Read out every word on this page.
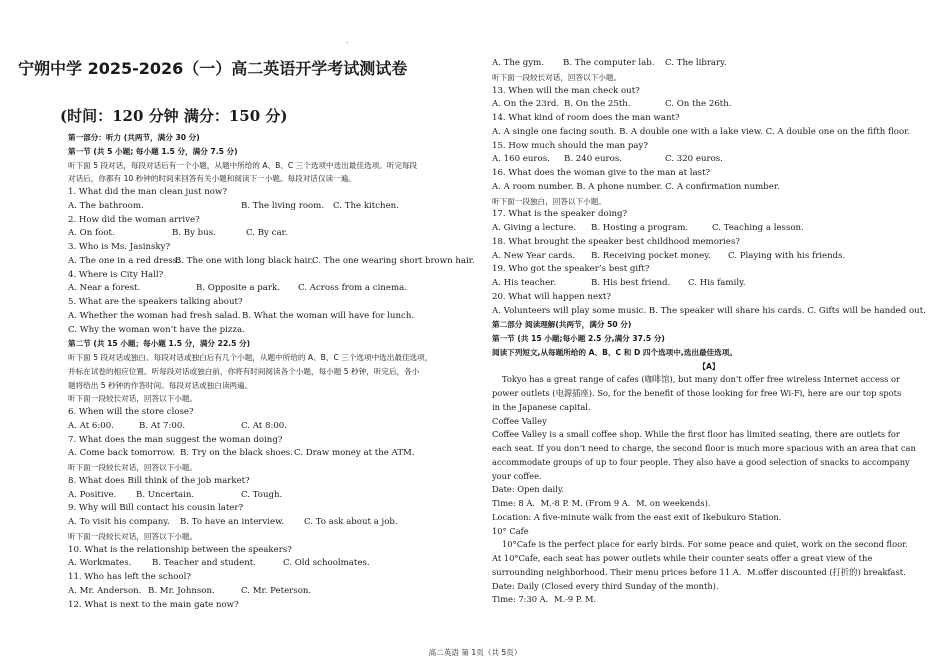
.
宁朔中学 2025-2026（一）高二英语开学考试测试卷
(时间：120 分钟 满分：150 分)
第一部分：听力 (共两节，满分 30 分)
第一节 (共 5 小题; 每小题 1.5 分，满分 7.5 分)
听下面 5 段对话，每段对话后有一个小题，从题中所给的 A、B、C 三个选项中选出最佳选项。听完每段
对话后，你都有 10 秒钟的时间来回答有关小题和阅读下一小题。每段对话仅读一遍。
1. What did the man clean just now?
A. The bathroom.	B. The living room. C. The kitchen.
2. How did the woman arrive?
A. On foot.	B. By bus.	C. By car.
3. Who is Ms. Jasinsky?
A. The one in a red dress.
B. The one with long black hair.
C. The one wearing short brown hair.
4. Where is City Hall?
A. Near a forest.	B. Opposite a park. C. Across from a cinema.
5. What are the speakers talking about?
A. Whether the woman had fresh salad. B. What the woman will have for lunch.
C. Why the woman won’t have the pizza.
第二节 (共 15 小题；每小题 1.5 分，满分 22.5 分)
听下面 5 段对话或独白。每段对话或独白后有几个小题，从题中所给的 A、B、C 三个选项中选出最佳选项，
并标在试卷的相应位置。听每段对话或独白前，你将有时间阅读各个小题，每小题 5 秒钟，听完后，各小
题将给出 5 秒钟的作答时间。每段对话或独白读两遍。
听下面一段较长对话，回答以下小题。
6. When will the store close?
A. At 6:00.	B. At 7:00.	C. At 8:00.
7. What does the man suggest the woman doing?
A. Come back tomorrow. B. Try on the black shoes. C. Draw money at the ATM.
听下面一段较长对话，回答以下小题。
8. What does Bill think of the job market?
A. Positive. B. Uncertain.	C. Tough.
9. Why will Bill contact his cousin later?
A. To visit his company. B. To have an interview. C. To ask about a job.
听下面一段较长对话，回答以下小题。
10. What is the relationship between the speakers?
A. Workmates. B. Teacher and student.	C. Old schoolmates.
11. Who has left the school?
A. Mr. Anderson. B. Mr. Johnson.	C. Mr. Peterson.
12. What is next to the main gate now?
A. The gym. B. The computer lab. C. The library.
听下面一段较长对话，回答以下小题。
13. When will the man check out?
A. On the 23rd. B. On the 25th.	C. On the 26th.
14. What kind of room does the man want?
A. A single one facing south. B. A double one with a lake view. C. A double one on the fifth floor.
15. How much should the man pay?
A. 160 euros. B. 240 euros.	C. 320 euros.
16. What does the woman give to the man at last?
A. A room number. B. A phone number. C. A confirmation number.
听下面一段独白，回答以下小题。
17. What is the speaker doing?
A. Giving a lecture. B. Hosting a program.	C. Teaching a lesson.
18. What brought the speaker best childhood memories?
A. New Year cards. B. Receiving pocket money. C. Playing with his friends.
19. Who got the speaker’s best gift?
A. His teacher.	B. His best friend. C. His family.
20. What will happen next?
A. Volunteers will play some music. B. The speaker will share his cards. C. Gifts will be handed out.
第二部分 阅读理解(共两节，满分 50 分)
第一节 (共 15 小题;每小题 2.5 分,满分 37.5 分)
阅读下列短文,从每题所给的 A、B、C 和 D 四个选项中,选出最佳选项。
【A】
Tokyo has a great range of cafes (咖啡馆), but many don’t offer free wireless Internet access or
power outlets (电源插座). So, for the benefit of those looking for free Wi-Fi, here are our top spots
in the Japanese capital.
Coffee Valley
Coffee Valley is a small coffee shop. While the first floor has limited seating, there are outlets for
each seat. If you don’t need to charge, the second floor is much more spacious with an area that can
accommodate groups of up to four people. They also have a good selection of snacks to accompany
your coffee.
Date: Open daily.
Time: 8 A．M.-8 P. M. (From 9 A．M. on weekends).
Location: A five-minute walk from the east exit of Ikebukuro Station.
10° Cafe
10°Cafe is the perfect place for early birds. For some peace and quiet, work on the second floor.
At 10°Cafe, each seat has power outlets while their counter seats offer a great view of the
surrounding neighborhood. Their menu prices before 11 A．M.offer discounted (打折的) breakfast.
Date: Daily (Closed every third Sunday of the month).
Time: 7:30 A．M.-9 P. M.
高二英语 第 1页（共 5页）
